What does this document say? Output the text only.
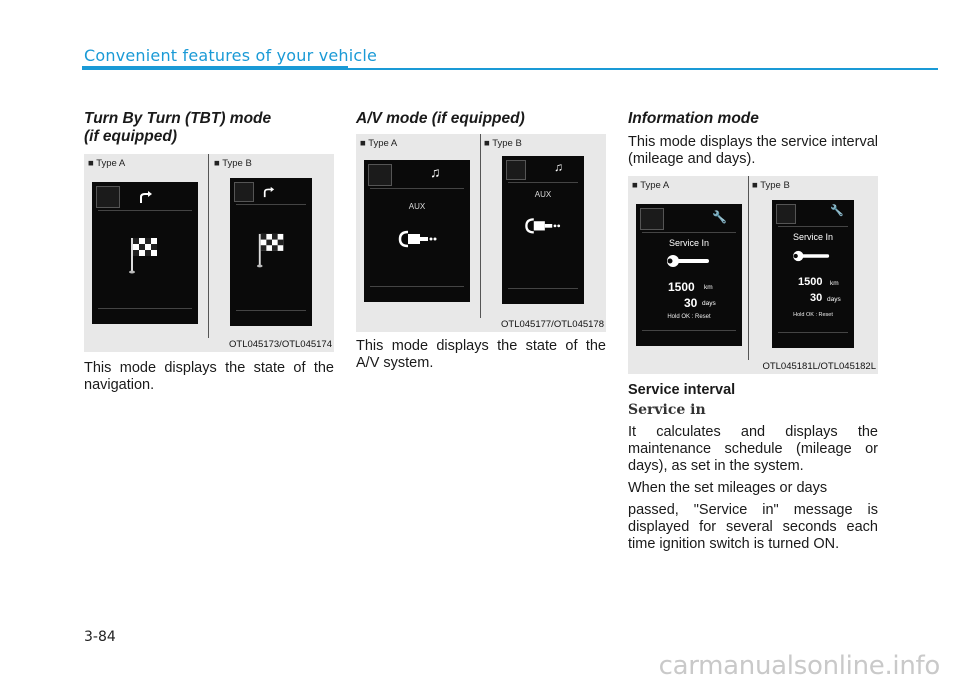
Convenient features of your vehicle
Turn By Turn (TBT) mode
(if equipped)
■ Type A	■ Type B
OTL045173/OTL045174

This mode displays the state of the navigation.

A/V mode (if equipped)
■ Type A	■ Type B
♫
AUX
♫
AUX
OTL045177/OTL045178

This mode displays the state of the A/V system.

Information mode

This mode displays the service interval (mileage and days).

■ Type A	■ Type B
🔧
Service In
1500 km
30 days
Hold OK : Reset
🔧
Service In
1500 km
30 days
Hold OK : Reset
OTL045181L/OTL045182L
Service interval
Service in

It calculates and displays the maintenance schedule (mileage or days), as set in the system.

When the set mileages or days

passed, "Service in" message is displayed for several seconds each time ignition switch is turned ON.

3-84
carmanualsonline.info
